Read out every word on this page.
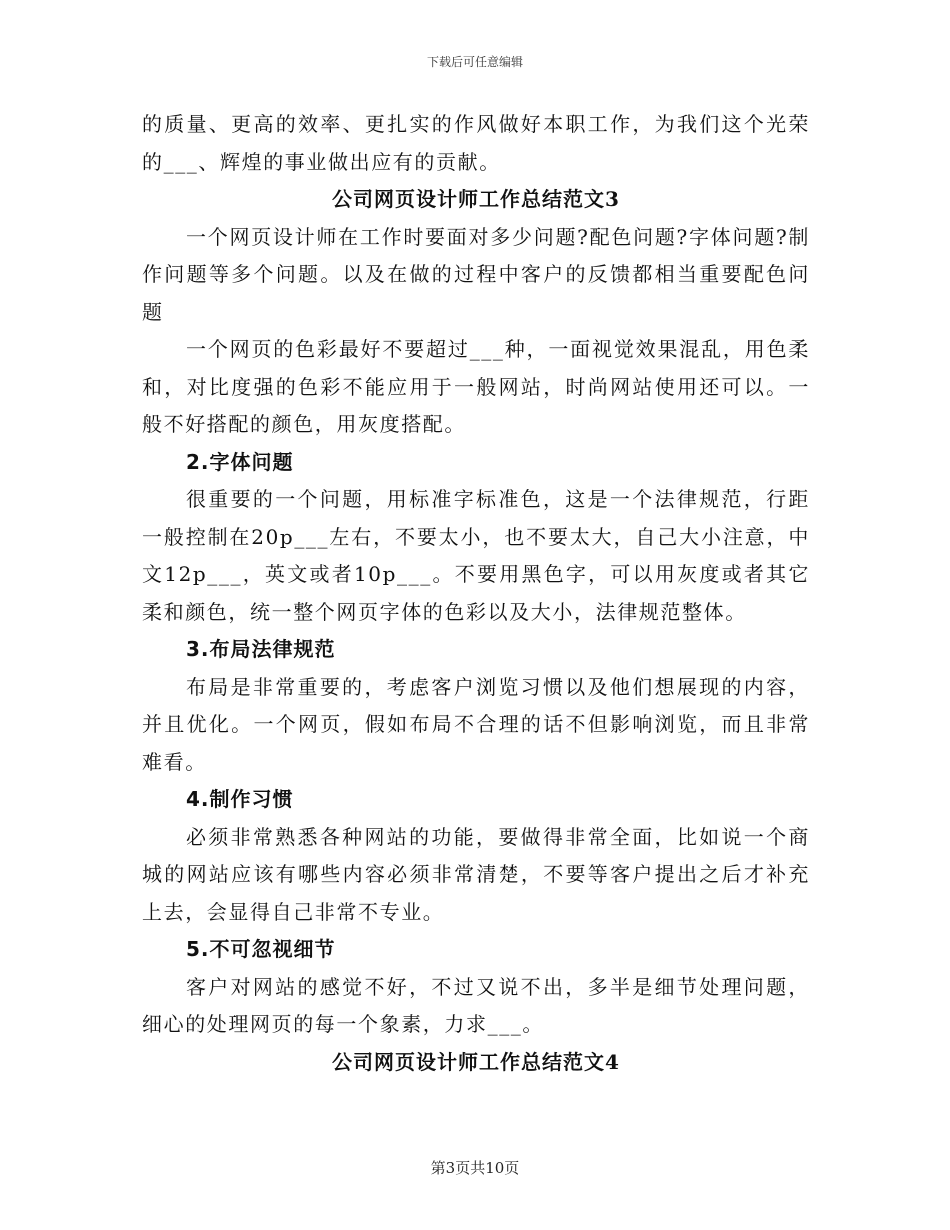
下载后可任意编辑

的质量、更高的效率、更扎实的作风做好本职工作，为我们这个光荣的___、辉煌的事业做出应有的贡献。

公司网页设计师工作总结范文3

一个网页设计师在工作时要面对多少问题?配色问题?字体问题?制作问题等多个问题。以及在做的过程中客户的反馈都相当重要配色问题

一个网页的色彩最好不要超过___种，一面视觉效果混乱，用色柔和，对比度强的色彩不能应用于一般网站，时尚网站使用还可以。一般不好搭配的颜色，用灰度搭配。

2.字体问题

很重要的一个问题，用标准字标准色，这是一个法律规范，行距一般控制在20p___左右，不要太小，也不要太大，自己大小注意，中文12p___，英文或者10p___。不要用黑色字，可以用灰度或者其它柔和颜色，统一整个网页字体的色彩以及大小，法律规范整体。

3.布局法律规范

布局是非常重要的，考虑客户浏览习惯以及他们想展现的内容，并且优化。一个网页，假如布局不合理的话不但影响浏览，而且非常难看。

4.制作习惯

必须非常熟悉各种网站的功能，要做得非常全面，比如说一个商城的网站应该有哪些内容必须非常清楚，不要等客户提出之后才补充上去，会显得自己非常不专业。

5.不可忽视细节

客户对网站的感觉不好，不过又说不出，多半是细节处理问题，细心的处理网页的每一个象素，力求___。

公司网页设计师工作总结范文4

第3页共10页
